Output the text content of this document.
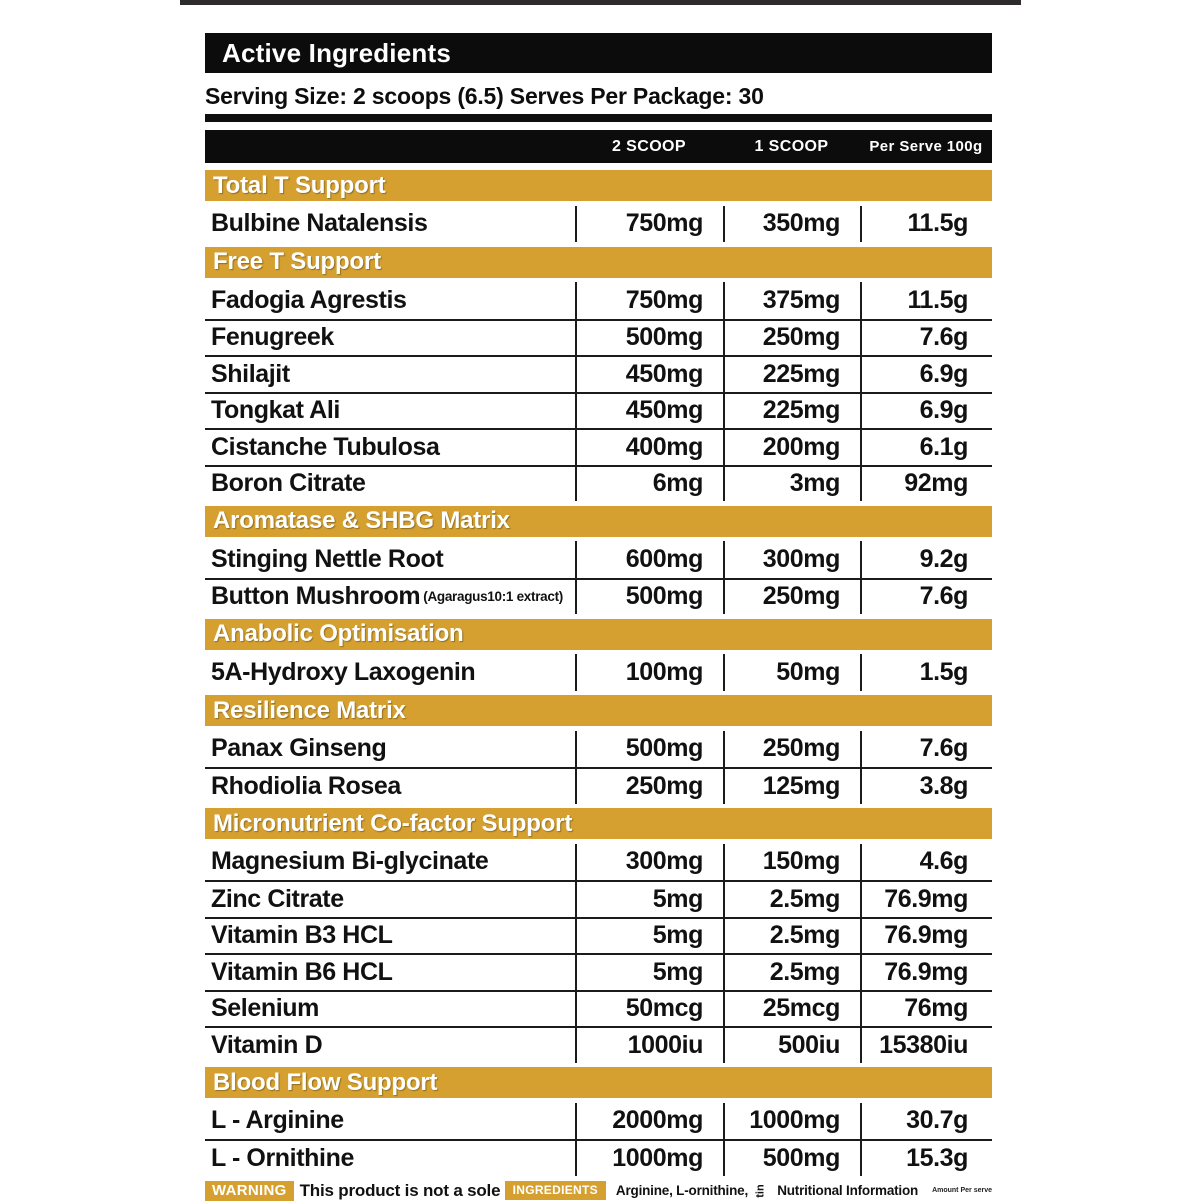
Active Ingredients
Serving Size: 2 scoops (6.5) Serves Per Package: 30
2 SCOOP	1 SCOOP	Per Serve 100g
Total T Support
Bulbine Natalensis	750mg	350mg	11.5g
Free T Support
Fadogia Agrestis	750mg	375mg	11.5g
Fenugreek	500mg	250mg	7.6g
Shilajit	450mg	225mg	6.9g
Tongkat Ali	450mg	225mg	6.9g
Cistanche Tubulosa	400mg	200mg	6.1g
Boron Citrate	6mg	3mg	92mg
Aromatase & SHBG Matrix
Stinging Nettle Root	600mg	300mg	9.2g
Button Mushroom (Agaragus10:1 extract)	500mg	250mg	7.6g
Anabolic Optimisation
5A-Hydroxy Laxogenin	100mg	50mg	1.5g
Resilience Matrix
Panax Ginseng	500mg	250mg	7.6g
Rhodiolia Rosea	250mg	125mg	3.8g
Micronutrient Co-factor Support
Magnesium Bi-glycinate	300mg	150mg	4.6g
Zinc Citrate	5mg	2.5mg	76.9mg
Vitamin B3 HCL	5mg	2.5mg	76.9mg
Vitamin B6 HCL	5mg	2.5mg	76.9mg
Selenium	50mcg	25mcg	76mg
Vitamin D	1000iu	500iu	15380iu
Blood Flow Support
L - Arginine	2000mg	1000mg	30.7g
L - Ornithine	1000mg	500mg	15.3g
WARNING This product is not a sole	INGREDIENTS	Arginine, L-ornithine, tin Nutritional Information Amount Per serve
